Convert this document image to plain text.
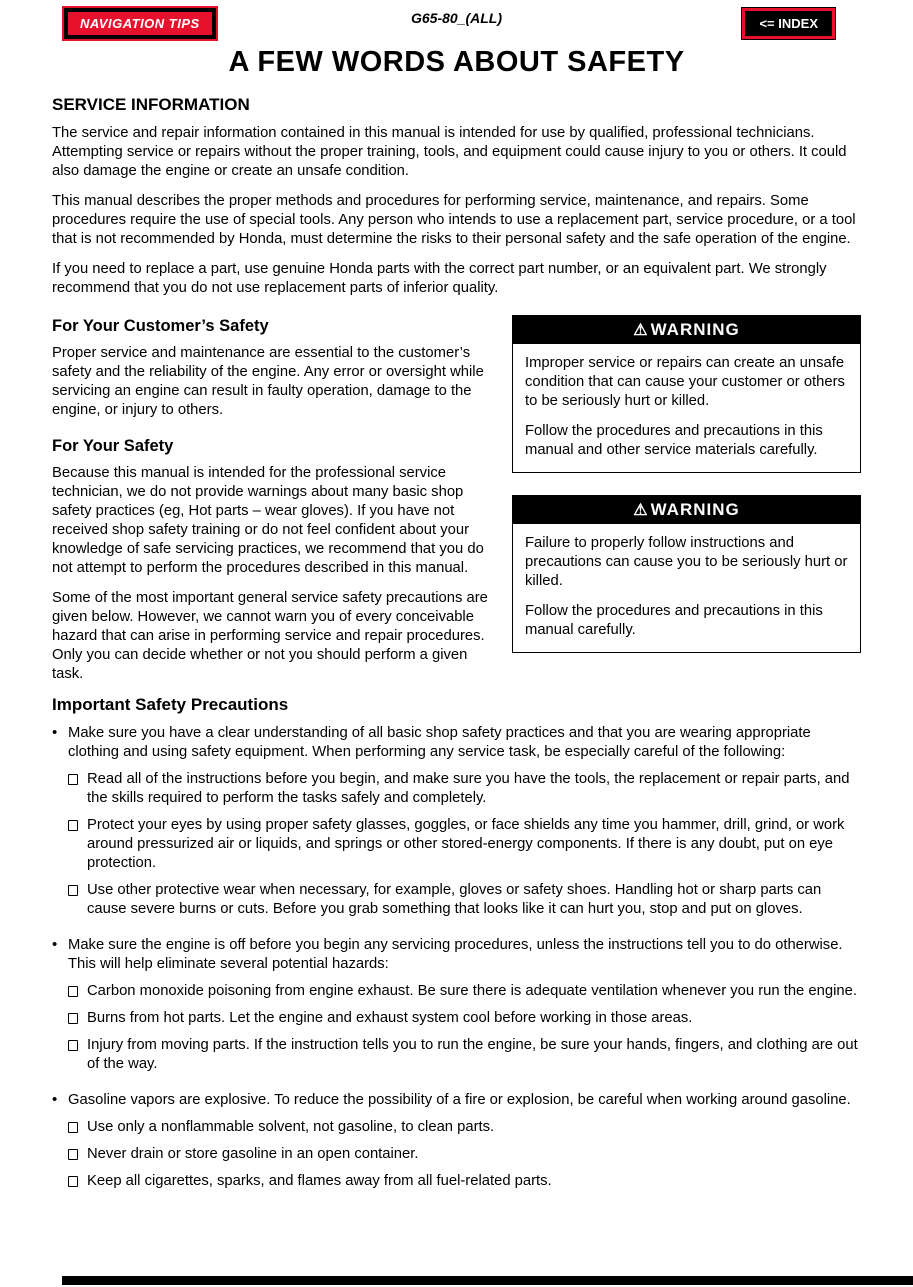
NAVIGATION TIPS	G65-80_(ALL)	<= INDEX
A FEW WORDS ABOUT SAFETY
SERVICE INFORMATION

The service and repair information contained in this manual is intended for use by qualified, professional technicians. Attempting service or repairs without the proper training, tools, and equipment could cause injury to you or others. It could also damage the engine or create an unsafe condition.

This manual describes the proper methods and procedures for performing service, maintenance, and repairs. Some procedures require the use of special tools. Any person who intends to use a replacement part, service procedure, or a tool that is not recommended by Honda, must determine the risks to their personal safety and the safe operation of the engine.

If you need to replace a part, use genuine Honda parts with the correct part number, or an equivalent part. We strongly recommend that you do not use replacement parts of inferior quality.

For Your Customer’s Safety

Proper service and maintenance are essential to the customer’s safety and the reliability of the engine. Any error or oversight while servicing an engine can result in faulty operation, damage to the engine, or injury to others.

For Your Safety

Because this manual is intended for the professional service technician, we do not provide warnings about many basic shop safety practices (eg, Hot parts – wear gloves). If you have not received shop safety training or do not feel confident about your knowledge of safe servicing practices, we recommend that you do not attempt to perform the procedures described in this manual.

Some of the most important general service safety precautions are given below. However, we cannot warn you of every conceivable hazard that can arise in performing service and repair procedures. Only you can decide whether or not you should perform a given task.

⚠ WARNING

Improper service or repairs can create an unsafe condition that can cause your customer or others to be seriously hurt or killed.

Follow the procedures and precautions in this manual and other service materials carefully.

⚠ WARNING

Failure to properly follow instructions and precautions can cause you to be seriously hurt or killed.

Follow the procedures and precautions in this manual carefully.

Important Safety Precautions
•

Make sure you have a clear understanding of all basic shop safety practices and that you are wearing appropriate clothing and using safety equipment. When performing any service task, be especially careful of the following:

Read all of the instructions before you begin, and make sure you have the tools, the replacement or repair parts, and the skills required to perform the tasks safely and completely.

Protect your eyes by using proper safety glasses, goggles, or face shields any time you hammer, drill, grind, or work around pressurized air or liquids, and springs or other stored-energy components. If there is any doubt, put on eye protection.

Use other protective wear when necessary, for example, gloves or safety shoes. Handling hot or sharp parts can cause severe burns or cuts. Before you grab something that looks like it can hurt you, stop and put on gloves.

•

Make sure the engine is off before you begin any servicing procedures, unless the instructions tell you to do otherwise. This will help eliminate several potential hazards:

Carbon monoxide poisoning from engine exhaust. Be sure there is adequate ventilation whenever you run the engine.

Burns from hot parts. Let the engine and exhaust system cool before working in those areas.

Injury from moving parts. If the instruction tells you to run the engine, be sure your hands, fingers, and clothing are out of the way.

•

Gasoline vapors are explosive. To reduce the possibility of a fire or explosion, be careful when working around gasoline.

Use only a nonflammable solvent, not gasoline, to clean parts.

Never drain or store gasoline in an open container.

Keep all cigarettes, sparks, and flames away from all fuel-related parts.
